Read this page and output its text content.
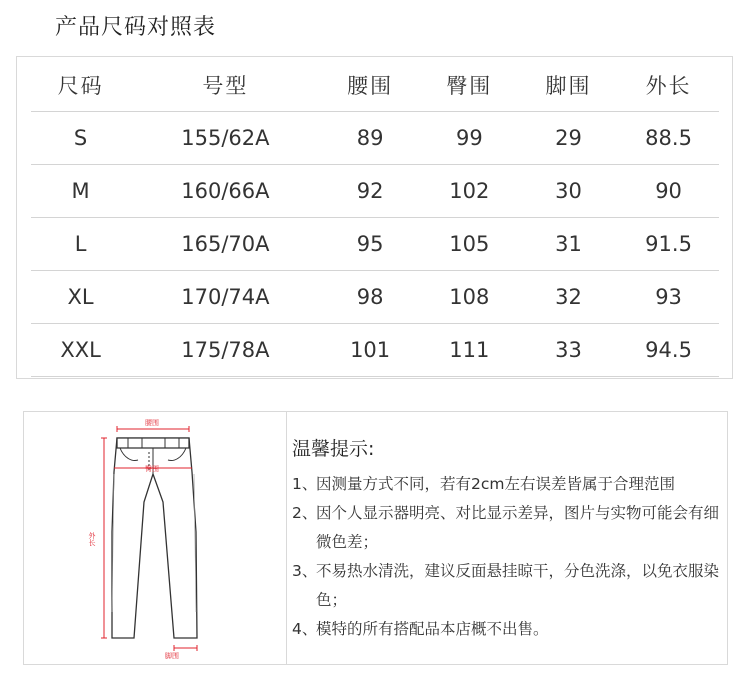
产品尺码对照表
尺码	号型	腰围	臀围	脚围	外长
S	155/62A	89	99	29	88.5
M	160/66A	92	102	30	90
L	165/70A	95	105	31	91.5
XL	170/74A	98	108	32	93
XXL	175/78A	101	111	33	94.5
腰围
臀围
外长
脚围
温馨提示:
1、
因测量方式不同，若有2cm左右误差皆属于合理范围
2、
因个人显示器明亮、对比显示差异，图片与实物可能会有细微色差；
3、
不易热水清洗，建议反面悬挂晾干，分色洗涤，以免衣服染色；
4、
模特的所有搭配品本店概不出售。
